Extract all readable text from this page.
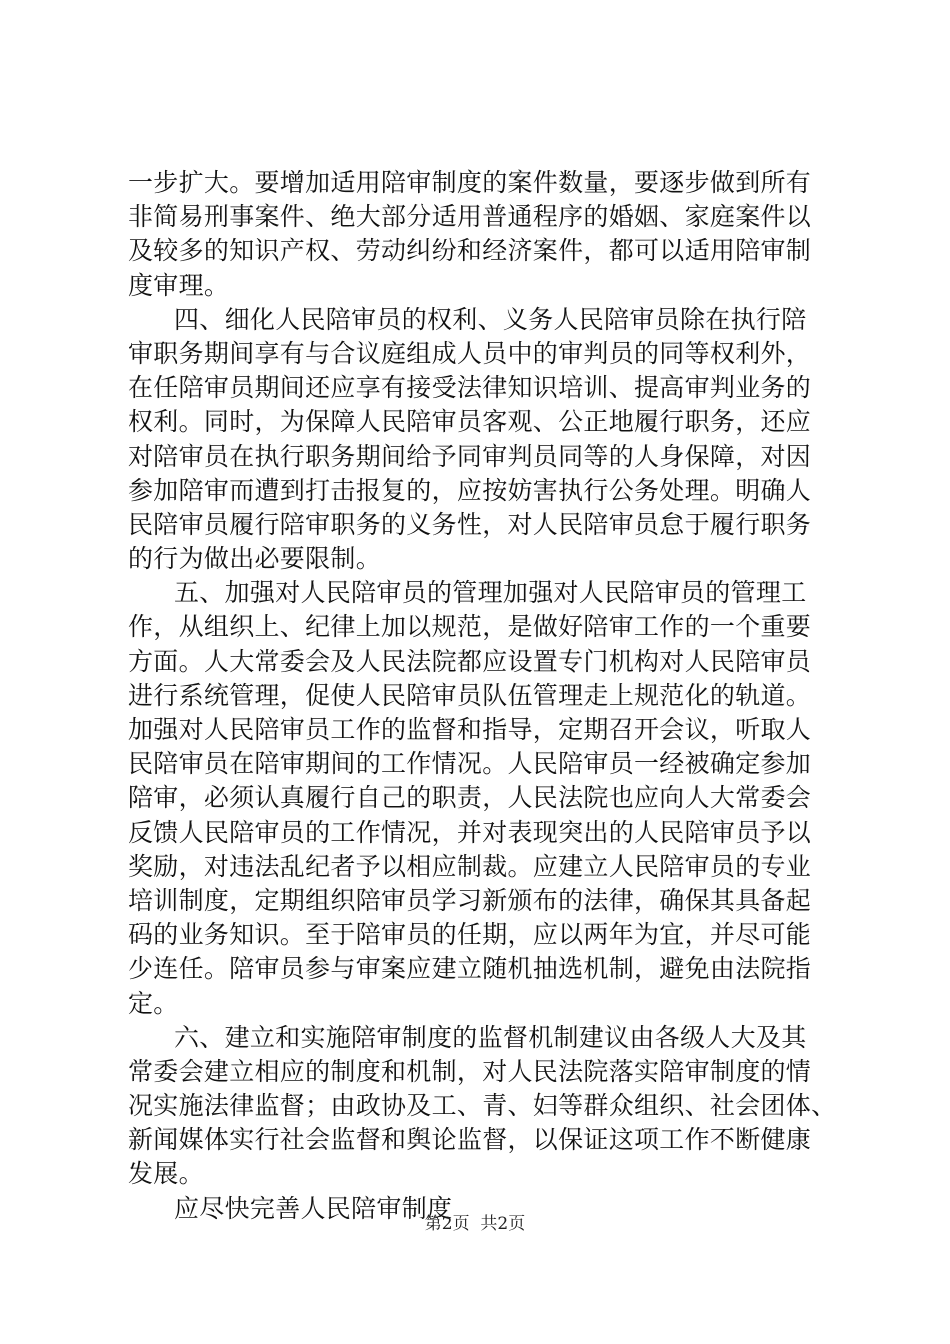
一步扩大。要增加适用陪审制度的案件数量，要逐步做到所有
非简易刑事案件、绝大部分适用普通程序的婚姻、家庭案件以
及较多的知识产权、劳动纠纷和经济案件，都可以适用陪审制
度审理。
四、细化人民陪审员的权利、义务人民陪审员除在执行陪
审职务期间享有与合议庭组成人员中的审判员的同等权利外，
在任陪审员期间还应享有接受法律知识培训、提高审判业务的
权利。同时，为保障人民陪审员客观、公正地履行职务，还应
对陪审员在执行职务期间给予同审判员同等的人身保障，对因
参加陪审而遭到打击报复的，应按妨害执行公务处理。明确人
民陪审员履行陪审职务的义务性，对人民陪审员怠于履行职务
的行为做出必要限制。
五、加强对人民陪审员的管理加强对人民陪审员的管理工
作，从组织上、纪律上加以规范，是做好陪审工作的一个重要
方面。人大常委会及人民法院都应设置专门机构对人民陪审员
进行系统管理，促使人民陪审员队伍管理走上规范化的轨道。
加强对人民陪审员工作的监督和指导，定期召开会议，听取人
民陪审员在陪审期间的工作情况。人民陪审员一经被确定参加
陪审，必须认真履行自己的职责，人民法院也应向人大常委会
反馈人民陪审员的工作情况，并对表现突出的人民陪审员予以
奖励，对违法乱纪者予以相应制裁。应建立人民陪审员的专业
培训制度，定期组织陪审员学习新颁布的法律，确保其具备起
码的业务知识。至于陪审员的任期，应以两年为宜，并尽可能
少连任。陪审员参与审案应建立随机抽选机制，避免由法院指
定。
六、建立和实施陪审制度的监督机制建议由各级人大及其
常委会建立相应的制度和机制，对人民法院落实陪审制度的情
况实施法律监督；由政协及工、青、妇等群众组织、社会团体、
新闻媒体实行社会监督和舆论监督，以保证这项工作不断健康
发展。
应尽快完善人民陪审制度
第2页  共2页
